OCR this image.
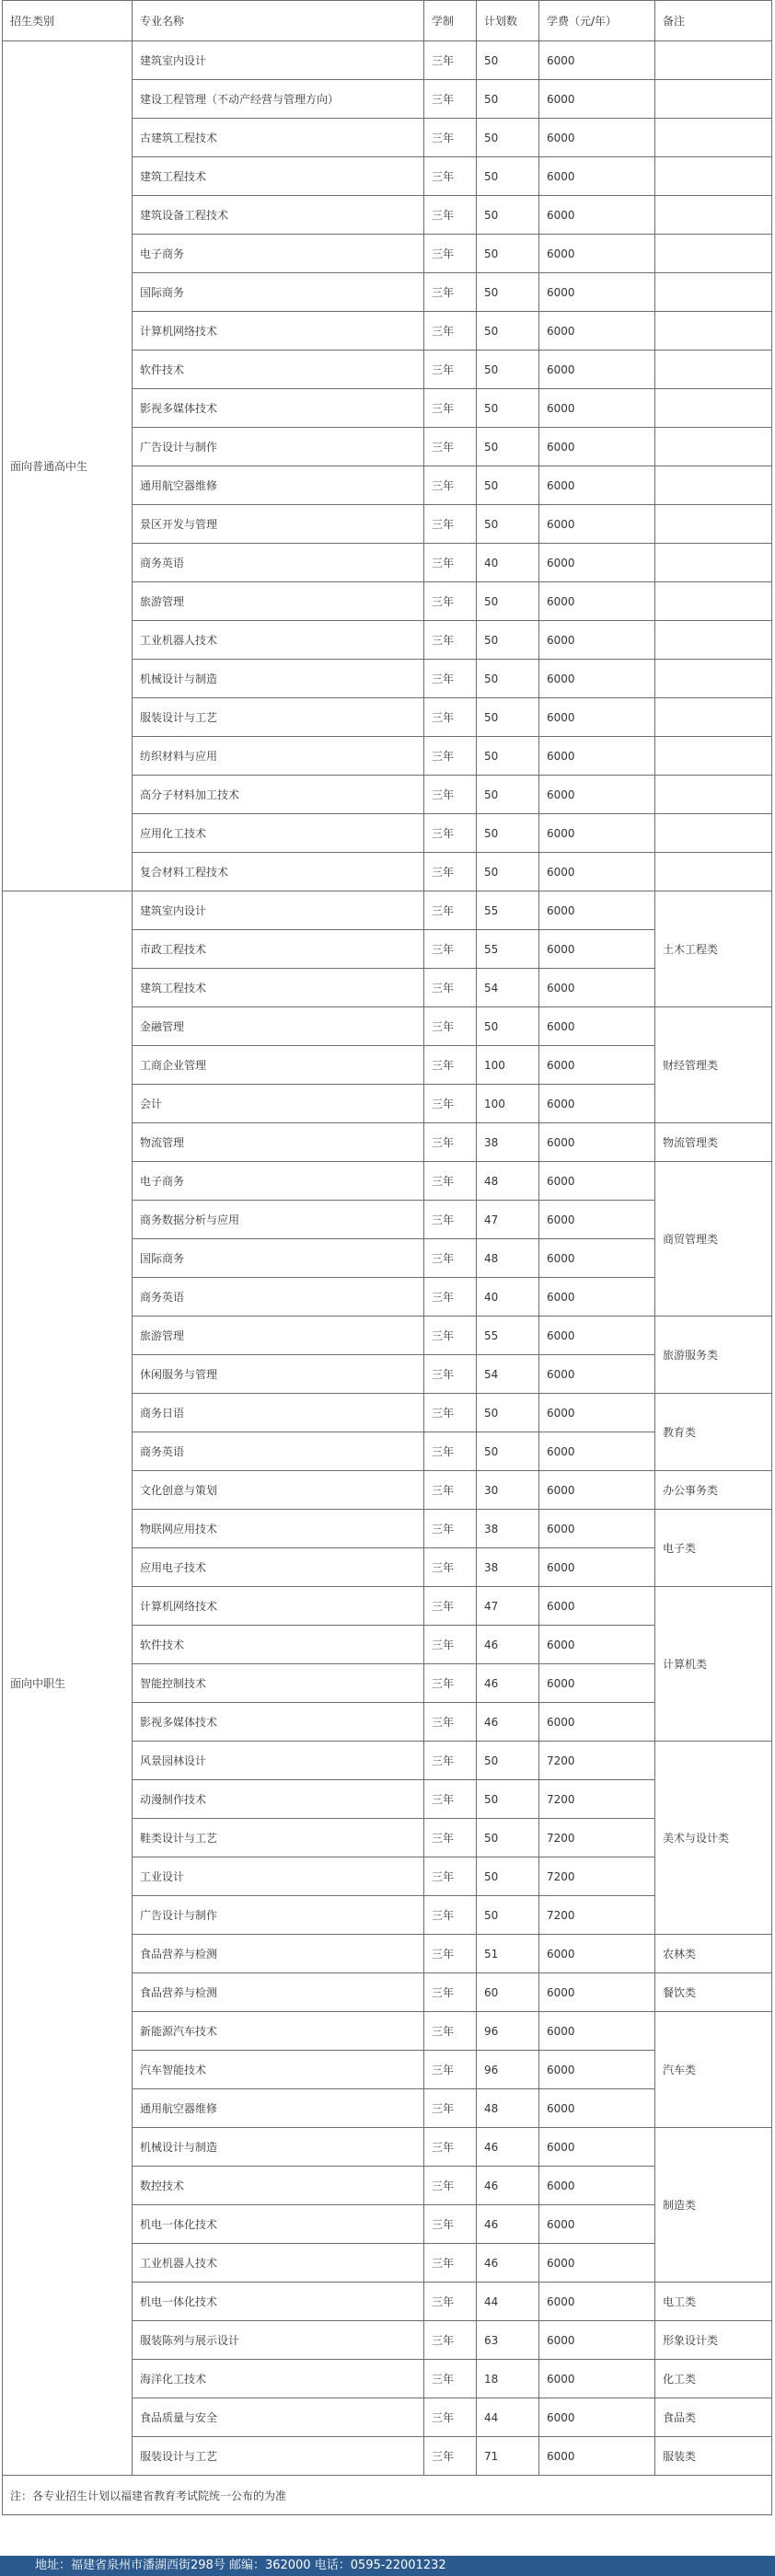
招生类别	专业名称	学制	计划数	学费（元/年）	备注
面向普通高中生	建筑室内设计	三年	50	6000	
	建设工程管理（不动产经营与管理方向）	三年	50	6000	
	古建筑工程技术	三年	50	6000	
	建筑工程技术	三年	50	6000	
	建筑设备工程技术	三年	50	6000	
	电子商务	三年	50	6000	
	国际商务	三年	50	6000	
	计算机网络技术	三年	50	6000	
	软件技术	三年	50	6000	
	影视多媒体技术	三年	50	6000	
	广告设计与制作	三年	50	6000	
	通用航空器维修	三年	50	6000	
	景区开发与管理	三年	50	6000	
	商务英语	三年	40	6000	
	旅游管理	三年	50	6000	
	工业机器人技术	三年	50	6000	
	机械设计与制造	三年	50	6000	
	服装设计与工艺	三年	50	6000	
	纺织材料与应用	三年	50	6000	
	高分子材料加工技术	三年	50	6000	
	应用化工技术	三年	50	6000	
	复合材料工程技术	三年	50	6000	
面向中职生	建筑室内设计	三年	55	6000	土木工程类
	市政工程技术	三年	55	6000	
	建筑工程技术	三年	54	6000	
	金融管理	三年	50	6000	财经管理类
	工商企业管理	三年	100	6000	
	会计	三年	100	6000	
	物流管理	三年	38	6000	物流管理类
	电子商务	三年	48	6000	商贸管理类
	商务数据分析与应用	三年	47	6000	
	国际商务	三年	48	6000	
	商务英语	三年	40	6000	
	旅游管理	三年	55	6000	旅游服务类
	休闲服务与管理	三年	54	6000	
	商务日语	三年	50	6000	教育类
	商务英语	三年	50	6000	
	文化创意与策划	三年	30	6000	办公事务类
	物联网应用技术	三年	38	6000	电子类
	应用电子技术	三年	38	6000	
	计算机网络技术	三年	47	6000	计算机类
	软件技术	三年	46	6000	
	智能控制技术	三年	46	6000	
	影视多媒体技术	三年	46	6000	
	风景园林设计	三年	50	7200	美术与设计类
	动漫制作技术	三年	50	7200	
	鞋类设计与工艺	三年	50	7200	
	工业设计	三年	50	7200	
	广告设计与制作	三年	50	7200	
	食品营养与检测	三年	51	6000	农林类
	食品营养与检测	三年	60	6000	餐饮类
	新能源汽车技术	三年	96	6000	汽车类
	汽车智能技术	三年	96	6000	
	通用航空器维修	三年	48	6000	
	机械设计与制造	三年	46	6000	制造类
	数控技术	三年	46	6000	
	机电一体化技术	三年	46	6000	
	工业机器人技术	三年	46	6000	
	机电一体化技术	三年	44	6000	电工类
	服装陈列与展示设计	三年	63	6000	形象设计类
	海洋化工技术	三年	18	6000	化工类
	食品质量与安全	三年	44	6000	食品类
	服装设计与工艺	三年	71	6000	服装类
注：各专业招生计划以福建省教育考试院统一公布的为准					
地址：福建省泉州市潘湖西街298号 邮编：362000 电话：0595-22001232
